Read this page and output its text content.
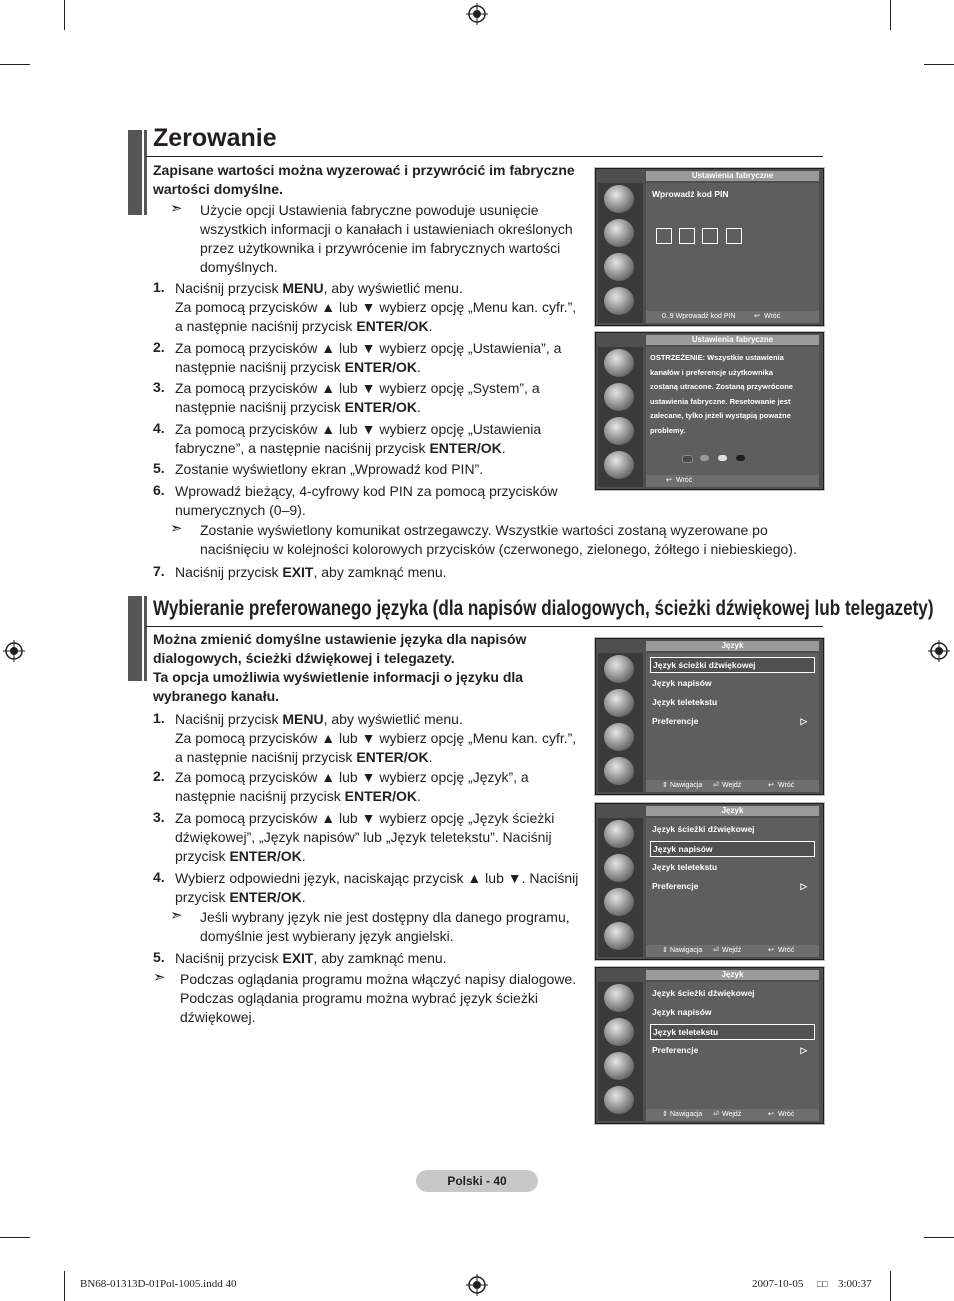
Zerowanie
Zapisane wartości można wyzerować i przywrócić im fabryczne wartości domyślne.
➣ Użycie opcji Ustawienia fabryczne powoduje usunięcie wszystkich informacji o kanałach i ustawieniach określonych przez użytkownika i przywrócenie im fabrycznych wartości domyślnych.
1. Naciśnij przycisk MENU, aby wyświetlić menu.
Za pomocą przycisków ▲ lub ▼ wybierz opcję „Menu kan. cyfr.”,
a następnie naciśnij przycisk ENTER/OK.
2. Za pomocą przycisków ▲ lub ▼ wybierz opcję „Ustawienia”, a
następnie naciśnij przycisk ENTER/OK.
3. Za pomocą przycisków ▲ lub ▼ wybierz opcję „System”, a
następnie naciśnij przycisk ENTER/OK.
4. Za pomocą przycisków ▲ lub ▼ wybierz opcję „Ustawienia
fabryczne”, a następnie naciśnij przycisk ENTER/OK.
5. Zostanie wyświetlony ekran „Wprowadź kod PIN”.
6. Wprowadź bieżący, 4-cyfrowy kod PIN za pomocą przycisków
numerycznych (0–9).
➣ Zostanie wyświetlony komunikat ostrzegawczy. Wszystkie wartości zostaną wyzerowane po
naciśnięciu w kolejności kolorowych przycisków (czerwonego, zielonego, żółtego i niebieskiego).
7. Naciśnij przycisk EXIT, aby zamknąć menu.
Ustawienia fabryczne
Wprowadź kod PIN
0..9 Wprowadź kod PIN	↩ Wróć
Ustawienia fabryczne
OSTRZEŻENIE: Wszystkie ustawienia
kanałów i preferencje użytkownika
zostaną utracone. Zostaną przywrócone
ustawienia fabryczne. Resetowanie jest
zalecane, tylko jeżeli wystąpią poważne
problemy.
↩ Wróć
Wybieranie preferowanego języka (dla napisów dialogowych, ścieżki dźwiękowej lub telegazety)
Można zmienić domyślne ustawienie języka dla napisów
dialogowych, ścieżki dźwiękowej i telegazety.
Ta opcja umożliwia wyświetlenie informacji o języku dla
wybranego kanału.
1. Naciśnij przycisk MENU, aby wyświetlić menu.
Za pomocą przycisków ▲ lub ▼ wybierz opcję „Menu kan. cyfr.”,
a następnie naciśnij przycisk ENTER/OK.
2. Za pomocą przycisków ▲ lub ▼ wybierz opcję „Język”, a
następnie naciśnij przycisk ENTER/OK.
3. Za pomocą przycisków ▲ lub ▼ wybierz opcję „Język ścieżki
dźwiękowej”, „Język napisów” lub „Język teletekstu”. Naciśnij
przycisk ENTER/OK.
4. Wybierz odpowiedni język, naciskając przycisk ▲ lub ▼. Naciśnij
przycisk ENTER/OK.
➣ Jeśli wybrany język nie jest dostępny dla danego programu,
domyślnie jest wybierany język angielski.
5. Naciśnij przycisk EXIT, aby zamknąć menu.
➣ Podczas oglądania programu można włączyć napisy dialogowe.
Podczas oglądania programu można wybrać język ścieżki
dźwiękowej.
Język
Język ścieżki dźwiękowej
Język napisów
Język teletekstu
Preferencje	▷
⇕ Nawigacja ⏎ Wejdź	↩ Wróć
Język
Język ścieżki dźwiękowej
Język napisów
Język teletekstu
Preferencje	▷
⇕ Nawigacja ⏎ Wejdź	↩ Wróć
Język
Język ścieżki dźwiękowej
Język napisów
Język teletekstu
Preferencje	▷
⇕ Nawigacja ⏎ Wejdź	↩ Wróć
Polski - 40
BN68-01313D-01Pol-1005.indd 40	2007-10-05 □□ 3:00:37
